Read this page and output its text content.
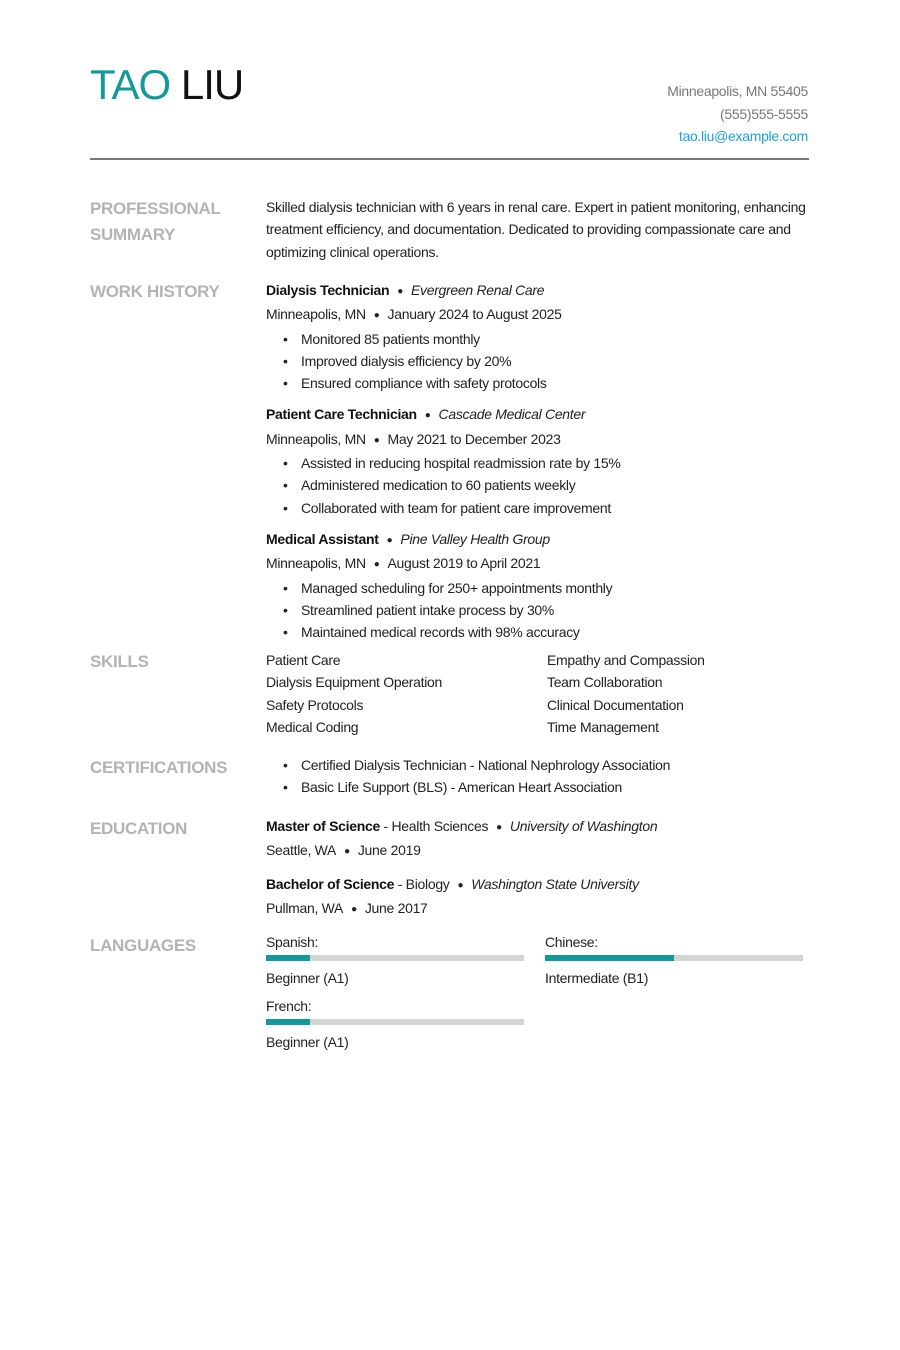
TAO LIU	Minneapolis, MN 55405
(555)555-5555
tao.liu@example.com
PROFESSIONAL SUMMARY

Skilled dialysis technician with 6 years in renal care. Expert in patient monitoring, enhancing treatment efficiency, and documentation. Dedicated to providing compassionate care and optimizing clinical operations.

WORK HISTORY	Dialysis Technician ● Evergreen Renal Care
Minneapolis, MN ● January 2024 to August 2025
• Monitored 85 patients monthly
• Improved dialysis efficiency by 20%
• Ensured compliance with safety protocols
Patient Care Technician ● Cascade Medical Center
Minneapolis, MN ● May 2021 to December 2023
• Assisted in reducing hospital readmission rate by 15%
• Administered medication to 60 patients weekly
• Collaborated with team for patient care improvement
Medical Assistant ● Pine Valley Health Group
Minneapolis, MN ● August 2019 to April 2021
• Managed scheduling for 250+ appointments monthly
• Streamlined patient intake process by 30%
• Maintained medical records with 98% accuracy
SKILLS	Patient Care	Empathy and Compassion
Dialysis Equipment Operation	Team Collaboration
Safety Protocols	Clinical Documentation
Medical Coding	Time Management
CERTIFICATIONS
•	Certified Dialysis Technician - National Nephrology Association
• Basic Life Support (BLS) - American Heart Association
EDUCATION	Master of Science - Health Sciences ● University of Washington
Seattle, WA ● June 2019
Bachelor of Science - Biology ● Washington State University
Pullman, WA ● June 2017
LANGUAGES	Spanish:
Beginner (A1)
Chinese:
Intermediate (B1)
French:
Beginner (A1)
